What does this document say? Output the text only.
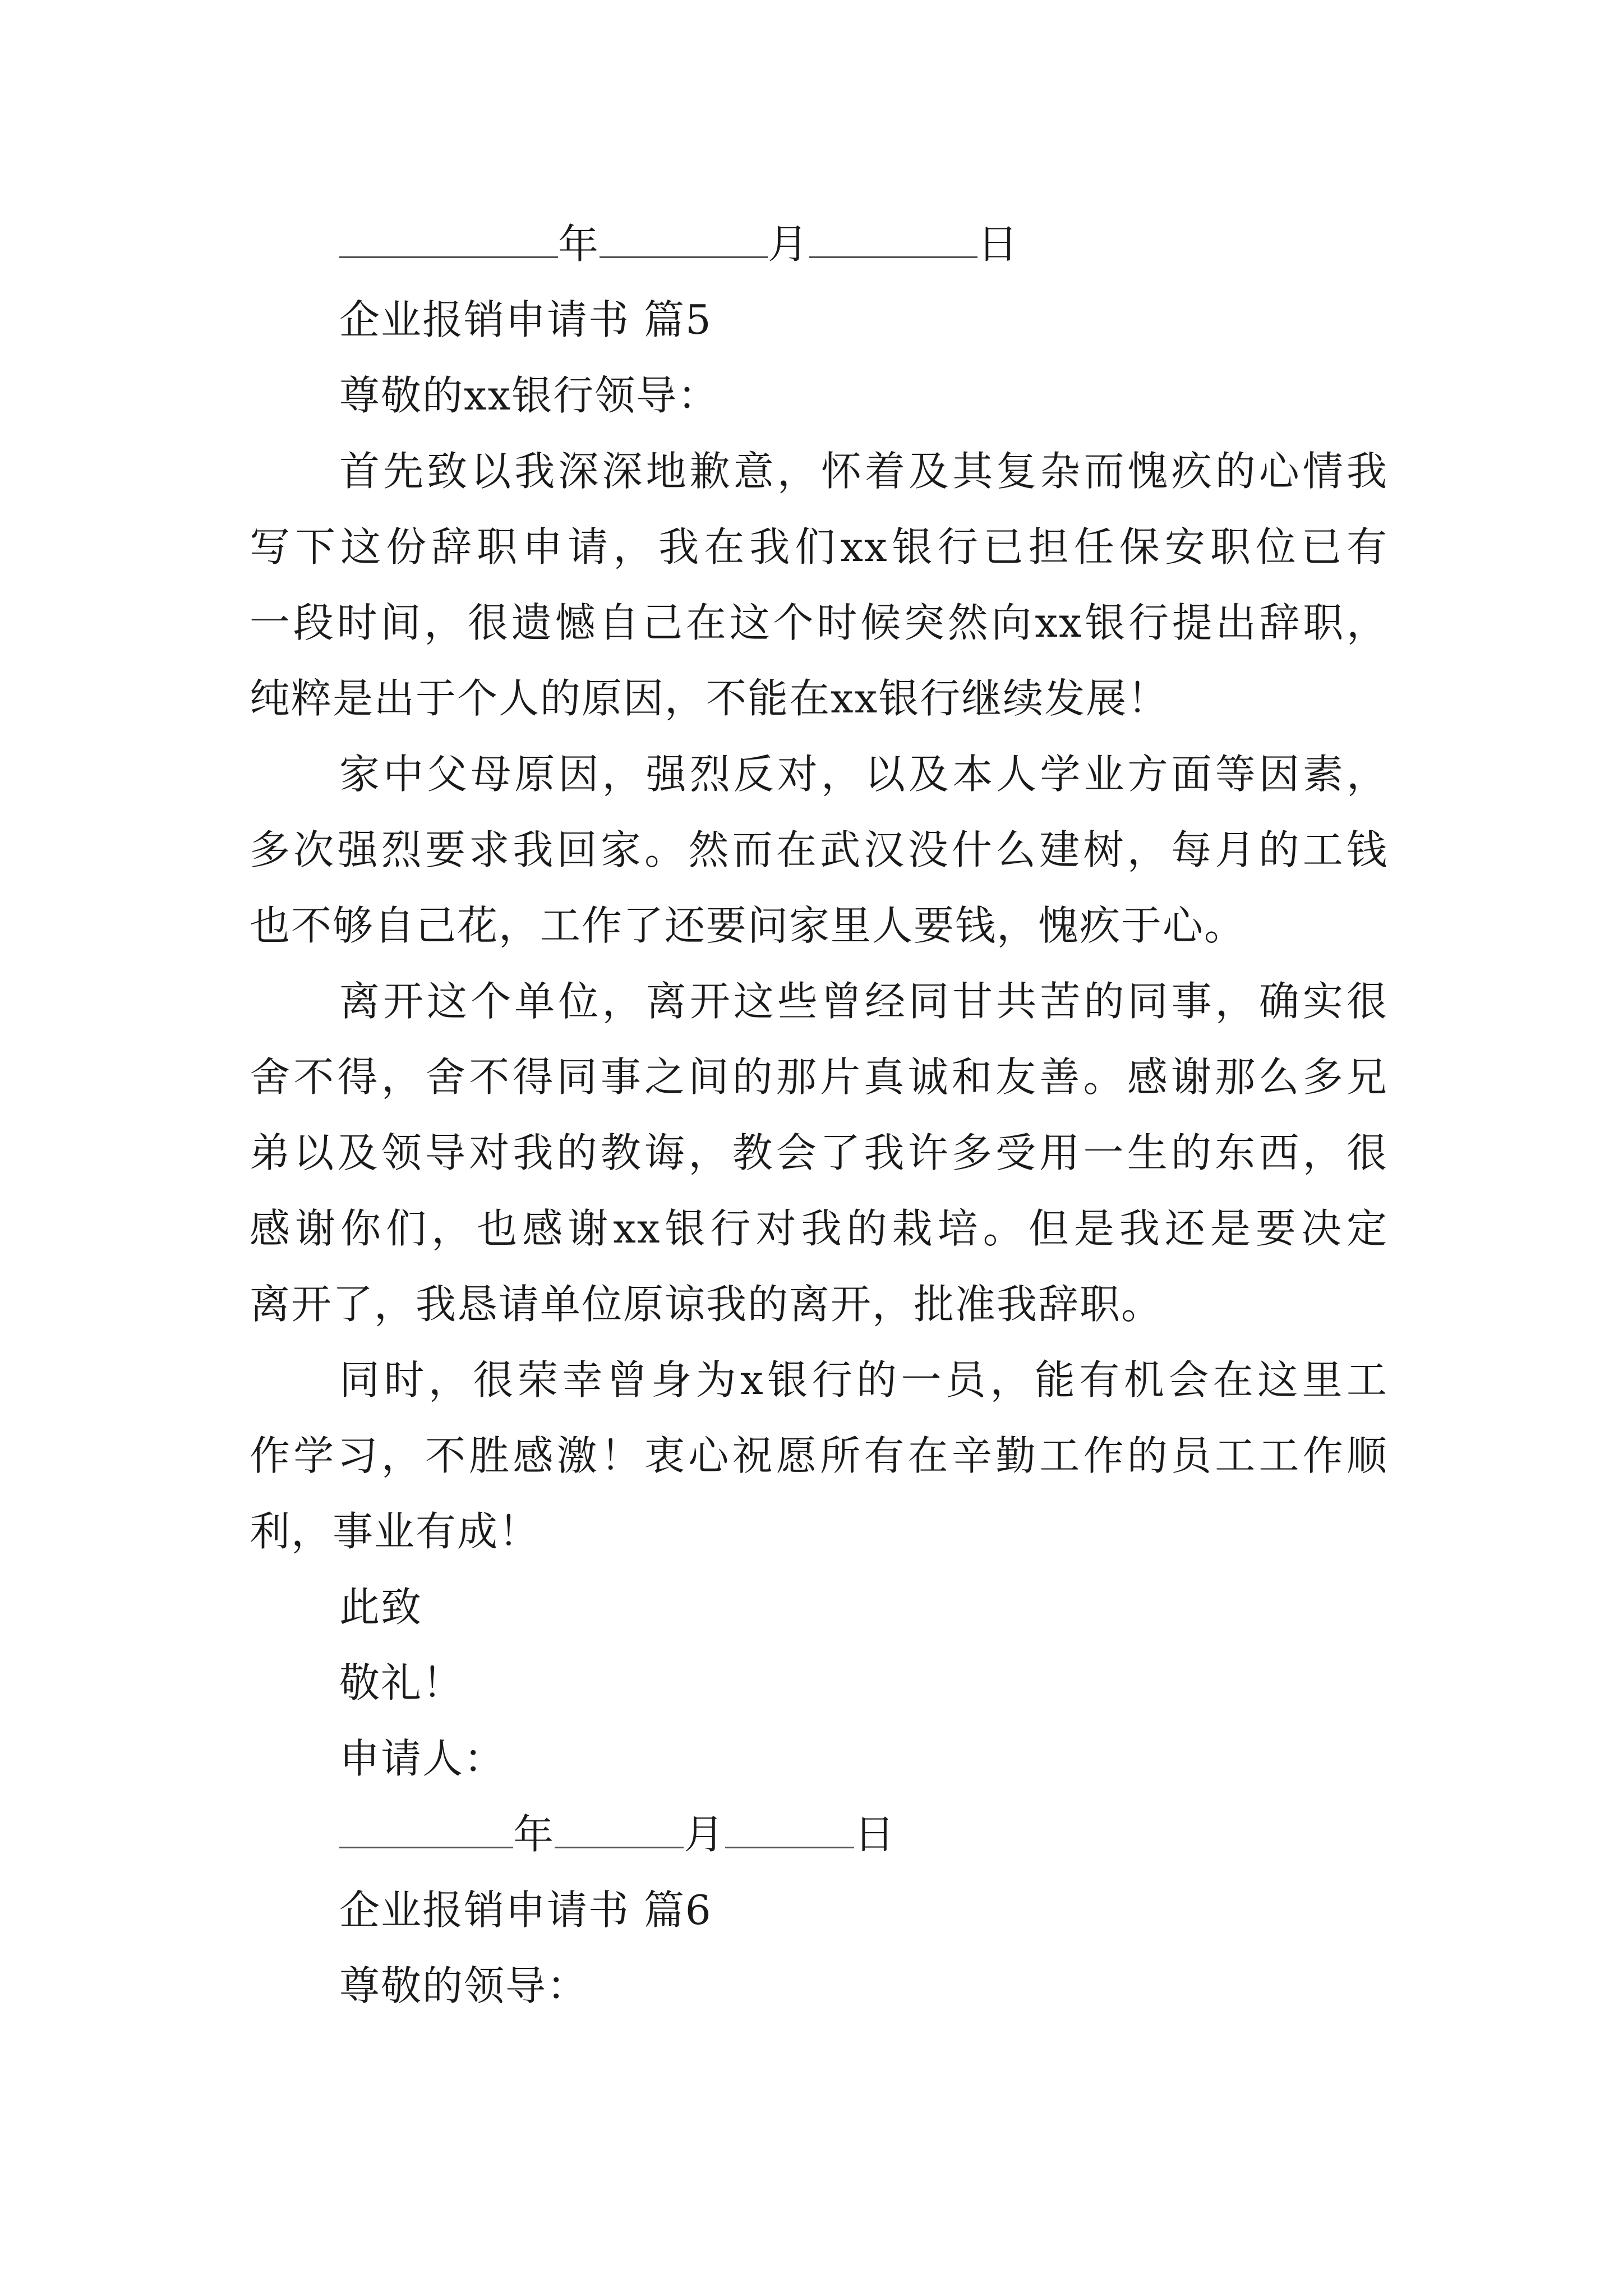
年	月	日
企业报销申请书 篇5
尊敬的xx银行领导：
首先致以我深深地歉意，怀着及其复杂而愧疚的心情我
写下这份辞职申请，我在我们xx银行已担任保安职位已有
一段时间，很遗憾自己在这个时候突然向xx银行提出辞职，
纯粹是出于个人的原因，不能在xx银行继续发展！
家中父母原因，强烈反对，以及本人学业方面等因素，
多次强烈要求我回家。然而在武汉没什么建树，每月的工钱
也不够自己花，工作了还要问家里人要钱，愧疚于心。
离开这个单位，离开这些曾经同甘共苦的同事，确实很
舍不得，舍不得同事之间的那片真诚和友善。感谢那么多兄
弟以及领导对我的教诲，教会了我许多受用一生的东西，很
感谢你们，也感谢xx银行对我的栽培。但是我还是要决定
离开了，我恳请单位原谅我的离开，批准我辞职。
同时，很荣幸曾身为x银行的一员，能有机会在这里工
作学习，不胜感激！衷心祝愿所有在辛勤工作的员工工作顺
利，事业有成！
此致
敬礼！
申请人：
年	月	日
企业报销申请书 篇6
尊敬的领导：
